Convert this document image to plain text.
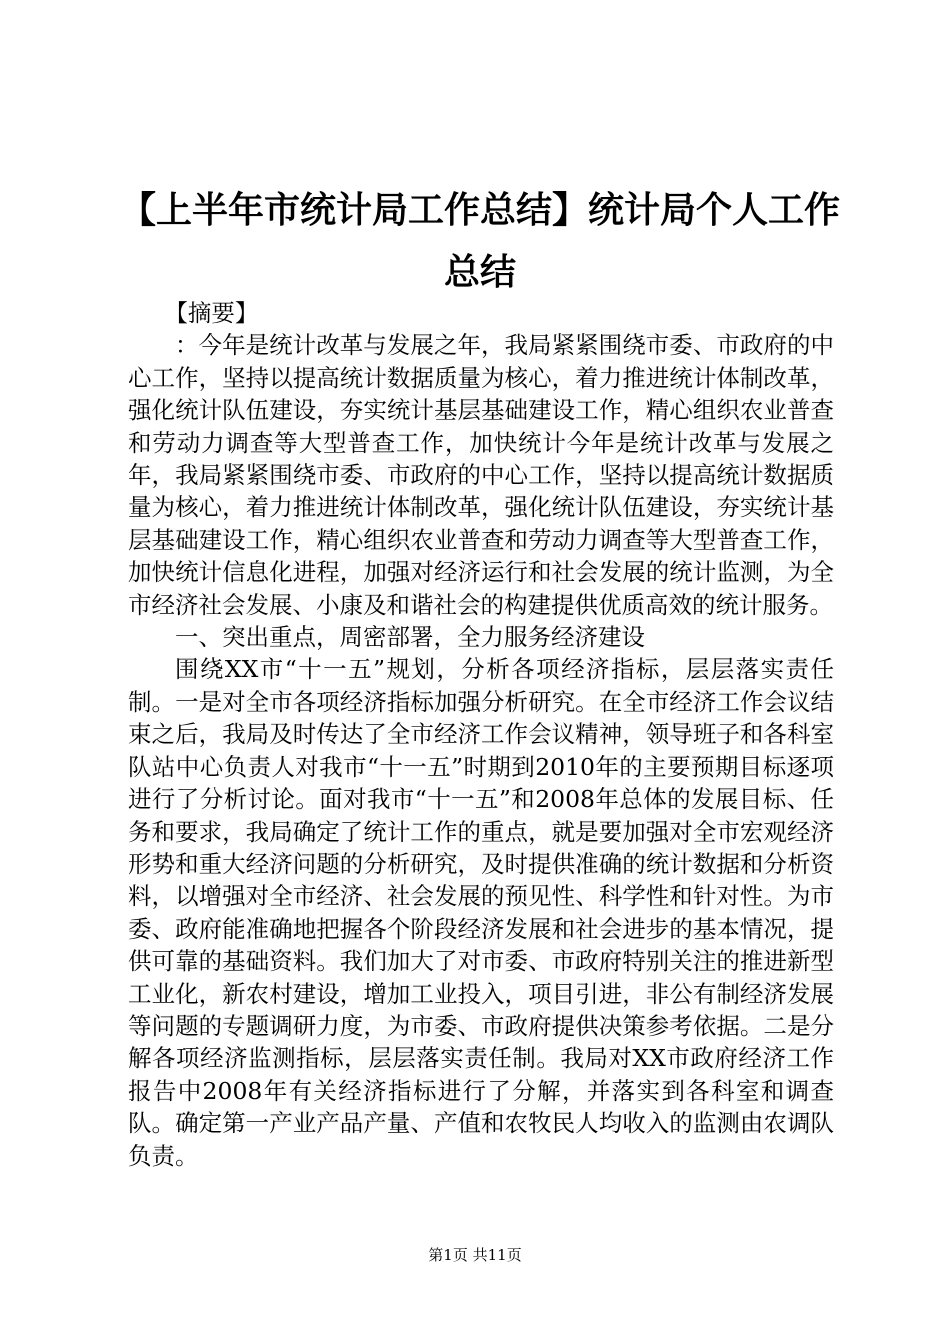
【上半年市统计局工作总结】统计局个人工作总结

【摘要】

：今年是统计改革与发展之年，我局紧紧围绕市委、市政府的中心工作，坚持以提高统计数据质量为核心，着力推进统计体制改革，强化统计队伍建设，夯实统计基层基础建设工作，精心组织农业普查和劳动力调查等大型普查工作，加快统计今年是统计改革与发展之年，我局紧紧围绕市委、市政府的中心工作，坚持以提高统计数据质量为核心，着力推进统计体制改革，强化统计队伍建设，夯实统计基层基础建设工作，精心组织农业普查和劳动力调查等大型普查工作，加快统计信息化进程，加强对经济运行和社会发展的统计监测，为全市经济社会发展、小康及和谐社会的构建提供优质高效的统计服务。

一、突出重点，周密部署，全力服务经济建设

围绕XX市“十一五”规划，分析各项经济指标，层层落实责任制。一是对全市各项经济指标加强分析研究。在全市经济工作会议结束之后，我局及时传达了全市经济工作会议精神，领导班子和各科室队站中心负责人对我市“十一五”时期到2010年的主要预期目标逐项进行了分析讨论。面对我市“十一五”和2008年总体的发展目标、任务和要求，我局确定了统计工作的重点，就是要加强对全市宏观经济形势和重大经济问题的分析研究，及时提供准确的统计数据和分析资料，以增强对全市经济、社会发展的预见性、科学性和针对性。为市委、政府能准确地把握各个阶段经济发展和社会进步的基本情况，提供可靠的基础资料。我们加大了对市委、市政府特别关注的推进新型工业化，新农村建设，增加工业投入，项目引进，非公有制经济发展等问题的专题调研力度，为市委、市政府提供决策参考依据。二是分解各项经济监测指标，层层落实责任制。我局对XX市政府经济工作报告中2008年有关经济指标进行了分解，并落实到各科室和调查队。确定第一产业产品产量、产值和农牧民人均收入的监测由农调队负责。

第1页 共11页
